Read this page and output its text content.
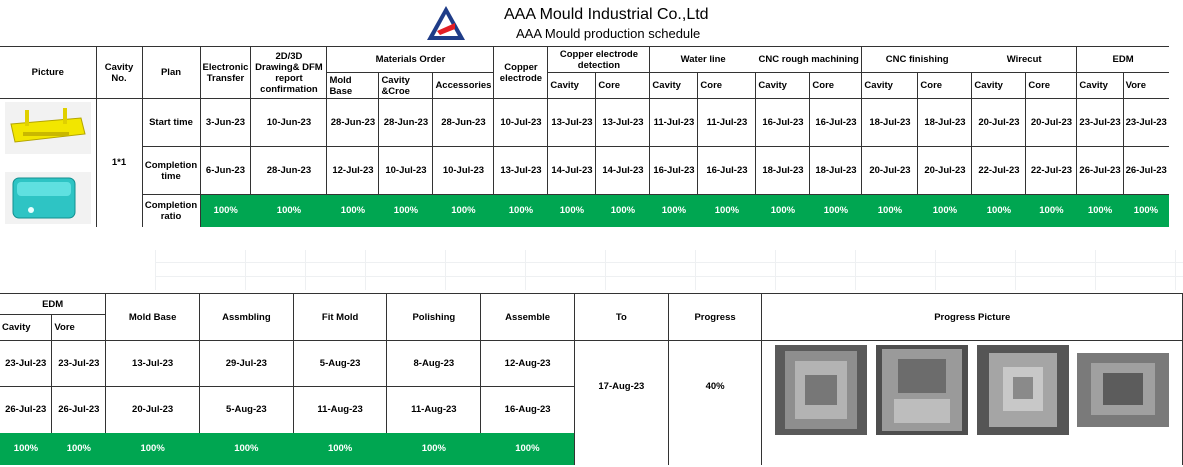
AAA Mould Industrial Co.,Ltd
AAA Mould production schedule
Picture	Cavity No.	Plan	Electronic Transfer	2D/3D Drawing& DFM report confirmation	Materials Order			Copper electrode	Copper electrode detection		Water line		CNC rough machining		CNC finishing		Wirecut		EDM	
					Mold Base	Cavity &Croe	Accessories		Cavity	Core	Cavity	Core	Cavity	Core	Cavity	Core	Cavity	Core	Cavity	Vore

	1*1	Start time	3-Jun-23	10-Jun-23	28-Jun-23	28-Jun-23	28-Jun-23	10-Jul-23	13-Jul-23	13-Jul-23	11-Jul-23	11-Jul-23	16-Jul-23	16-Jul-23	18-Jul-23	18-Jul-23	20-Jul-23	20-Jul-23	23-Jul-23	23-Jul-23
		Completion time	6-Jun-23	28-Jun-23	12-Jul-23	10-Jul-23	10-Jul-23	13-Jul-23	14-Jul-23	14-Jul-23	16-Jul-23	16-Jul-23	18-Jul-23	18-Jul-23	20-Jul-23	20-Jul-23	22-Jul-23	22-Jul-23	26-Jul-23	26-Jul-23
		Completion ratio	100%	100%	100%	100%	100%	100%	100%	100%	100%	100%	100%	100%	100%	100%	100%	100%	100%	100%
EDM		Mold Base	Assmbling	Fit Mold	Polishing	Assemble	To	Progress	Progress Picture
Cavity	Vore								
23-Jul-23	23-Jul-23	13-Jul-23	29-Jul-23	5-Aug-23	8-Aug-23	12-Aug-23	17-Aug-23	40%	
26-Jul-23	26-Jul-23	20-Jul-23	5-Aug-23	11-Aug-23	11-Aug-23	16-Aug-23			
100%	100%	100%	100%	100%	100%	100%			
